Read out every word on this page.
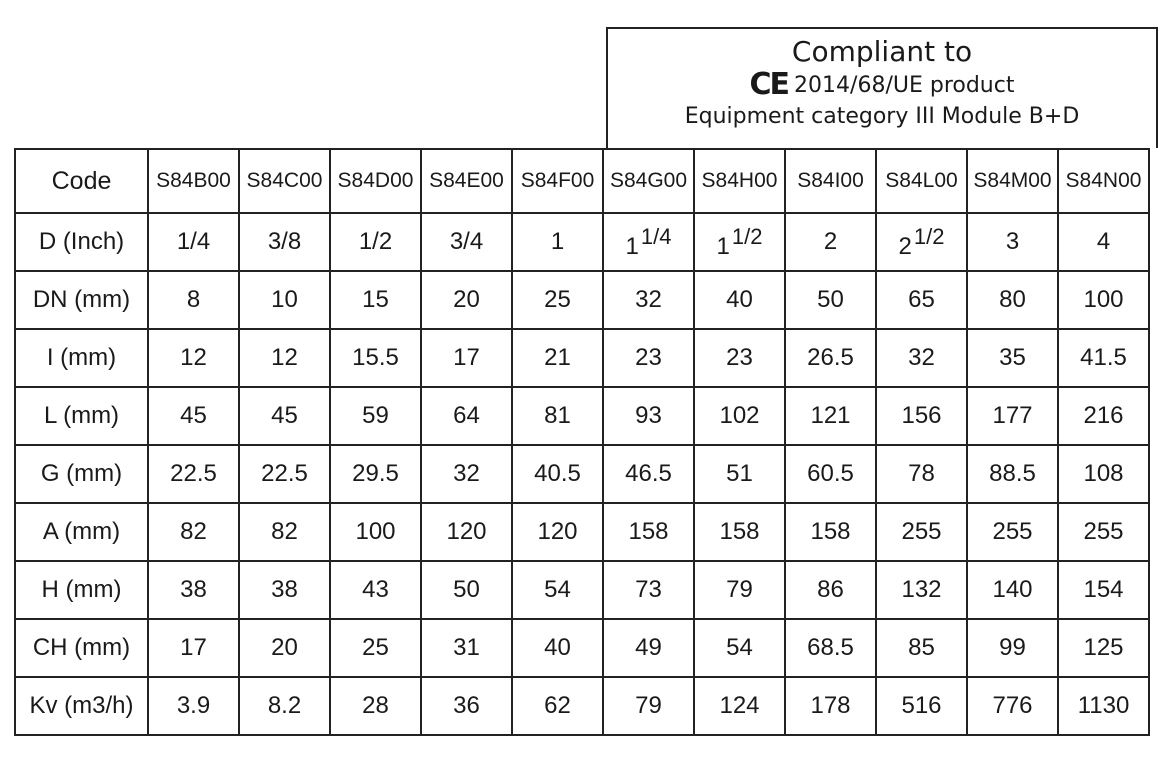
Compliant to
CE 2014/68/UE product
Equipment category III Module B+D
Code	S84B00	S84C00	S84D00	S84E00	S84F00	S84G00	S84H00	S84I00	S84L00	S84M00	S84N00
D (Inch)	1/4	3/8	1/2	3/4	1	$1^{1/4}$	$1^{1/2}$	2	$2^{1/2}$	3	4
DN (mm)	8	10	15	20	25	32	40	50	65	80	100
I (mm)	12	12	15.5	17	21	23	23	26.5	32	35	41.5
L (mm)	45	45	59	64	81	93	102	121	156	177	216
G (mm)	22.5	22.5	29.5	32	40.5	46.5	51	60.5	78	88.5	108
A (mm)	82	82	100	120	120	158	158	158	255	255	255
H (mm)	38	38	43	50	54	73	79	86	132	140	154
CH (mm)	17	20	25	31	40	49	54	68.5	85	99	125
Kv (m3/h)	3.9	8.2	28	36	62	79	124	178	516	776	1130
